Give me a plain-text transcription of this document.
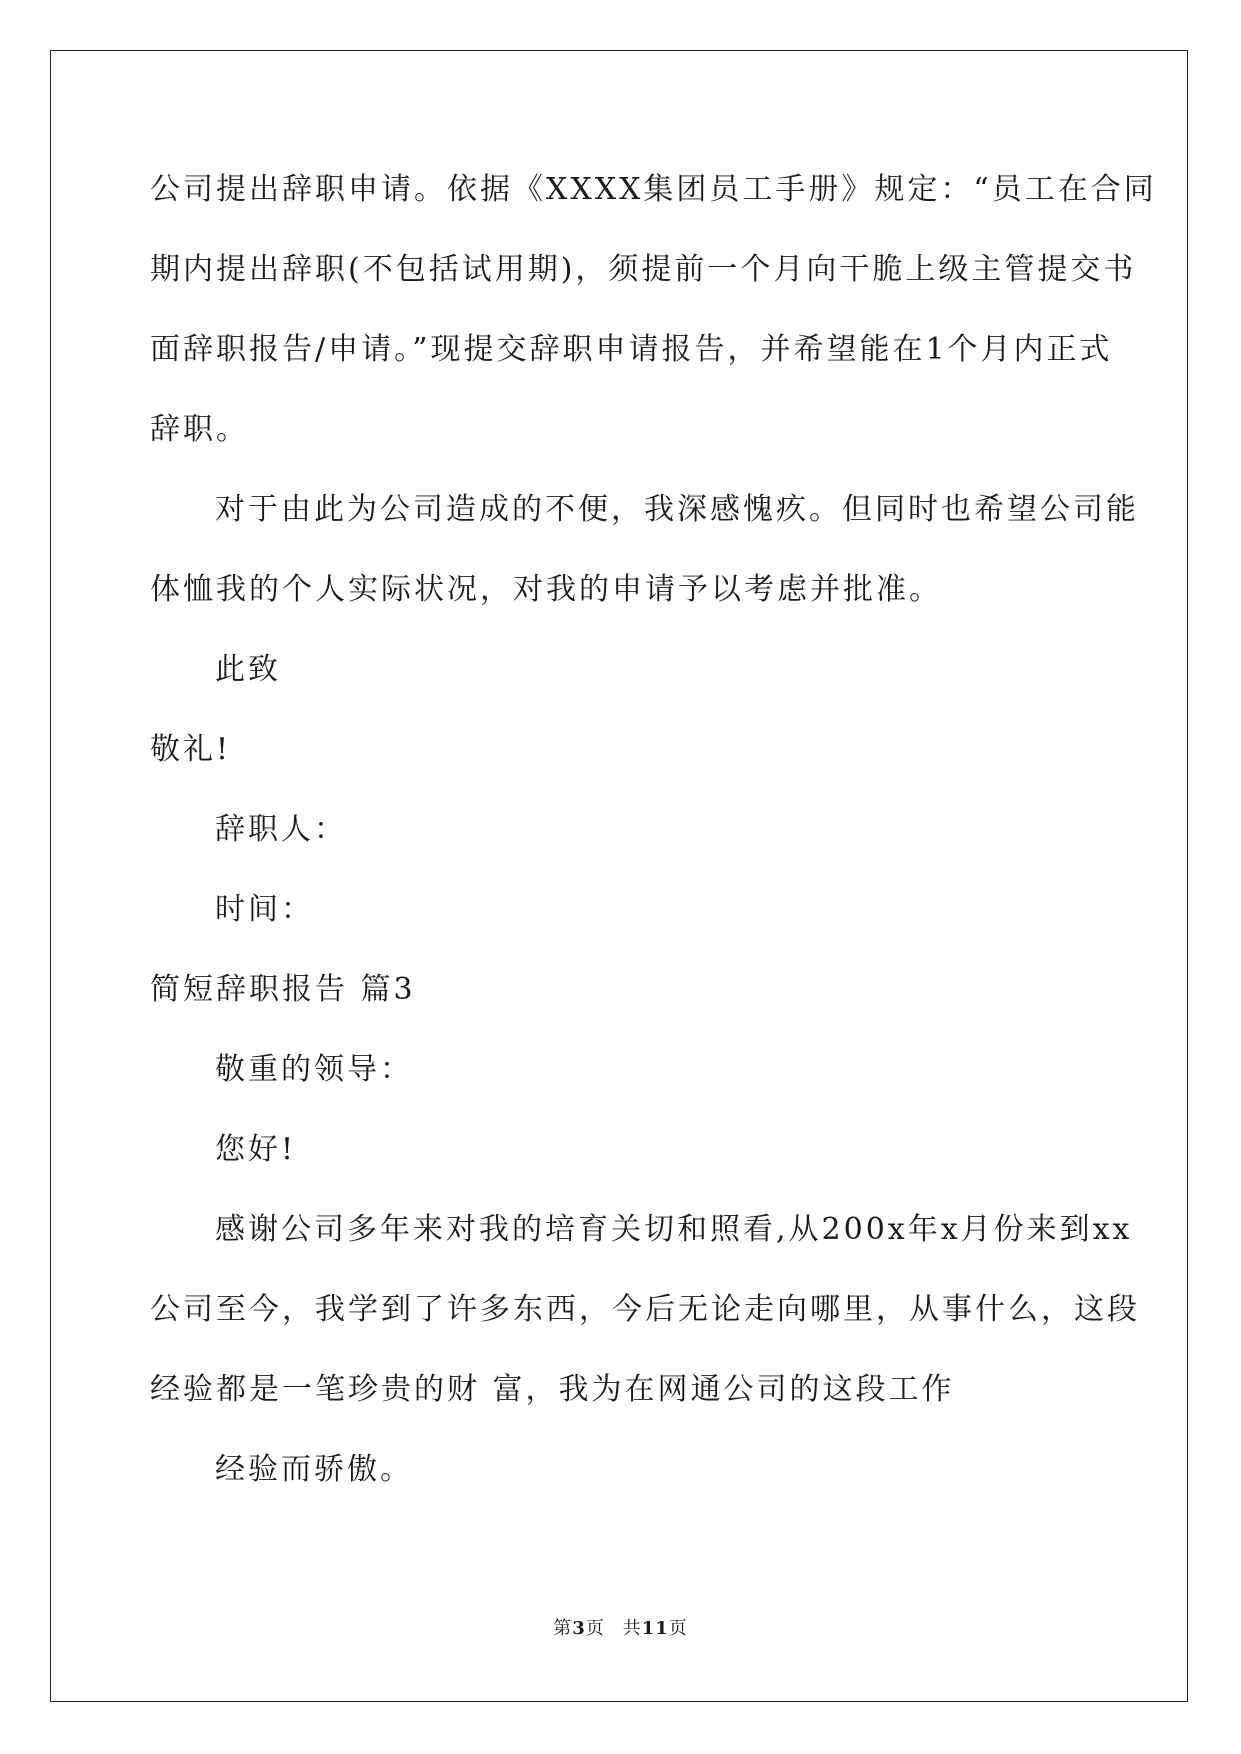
公司提出辞职申请。依据《XXXX集团员工手册》规定：“员工在合同
期内提出辞职(不包括试用期)，须提前一个月向干脆上级主管提交书
面辞职报告/申请。”现提交辞职申请报告，并希望能在1个月内正式
辞职。
对于由此为公司造成的不便，我深感愧疚。但同时也希望公司能
体恤我的个人实际状况，对我的申请予以考虑并批准。
此致
敬礼!
辞职人：
时间：
简短辞职报告 篇3
敬重的领导：
您好!
感谢公司多年来对我的培育关切和照看,从200x年x月份来到xx
公司至今，我学到了许多东西，今后无论走向哪里，从事什么，这段
经验都是一笔珍贵的财 富，我为在网通公司的这段工作
经验而骄傲。
第3页 共11页
